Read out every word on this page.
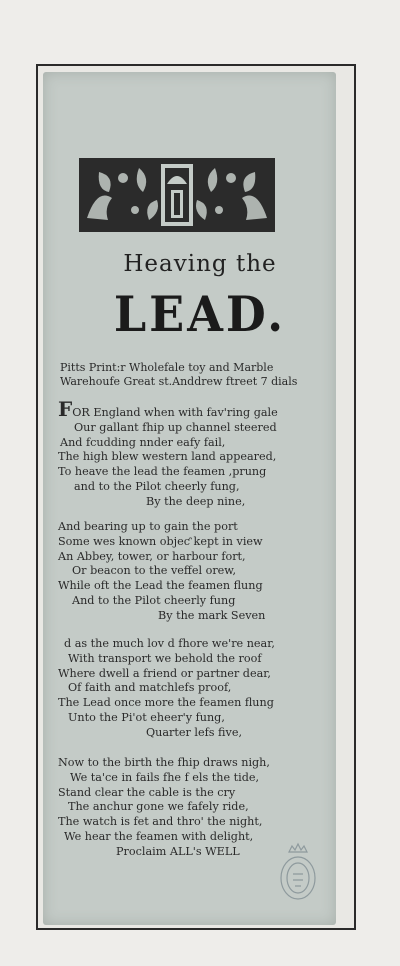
Heaving the
LEAD.
Pitts Print:r Wholefale toy and Marble
Warehoufe Great st.Anddrew ftreet 7 dials
FOR England when with fav'ring gale
Our gallant fhip up channel steered
And fcudding nnder eafy fail,
The high blew western land appeared,
To heave the lead the feamen ,prung
and to the Pilot cheerly fung,
By the deep nine,
And bearing up to gain the port
Some wes known objeƈ kept in view
An Abbey, tower, or harbour fort,
Or beacon to the veffel orew,
While oft the Lead the feamen flung
And to the Pilot cheerly fung
By the mark Seven
d as the much lov d fhore we're near,
With transport we behold the roof
Where dwell a friend or partner dear,
Of faith and matchlefs proof,
The Lead once more the feamen flung
Unto the Pi'ot eheer'y fung,
Quarter lefs five,
Now to the birth the fhip draws nigh,
We ta'ce in fails fhe f els the tide,
Stand clear the cable is the cry
The anchur gone we fafely ride,
The watch is fet and thro' the night,
We hear the feamen with delight,
Proclaim ALL's WELL
